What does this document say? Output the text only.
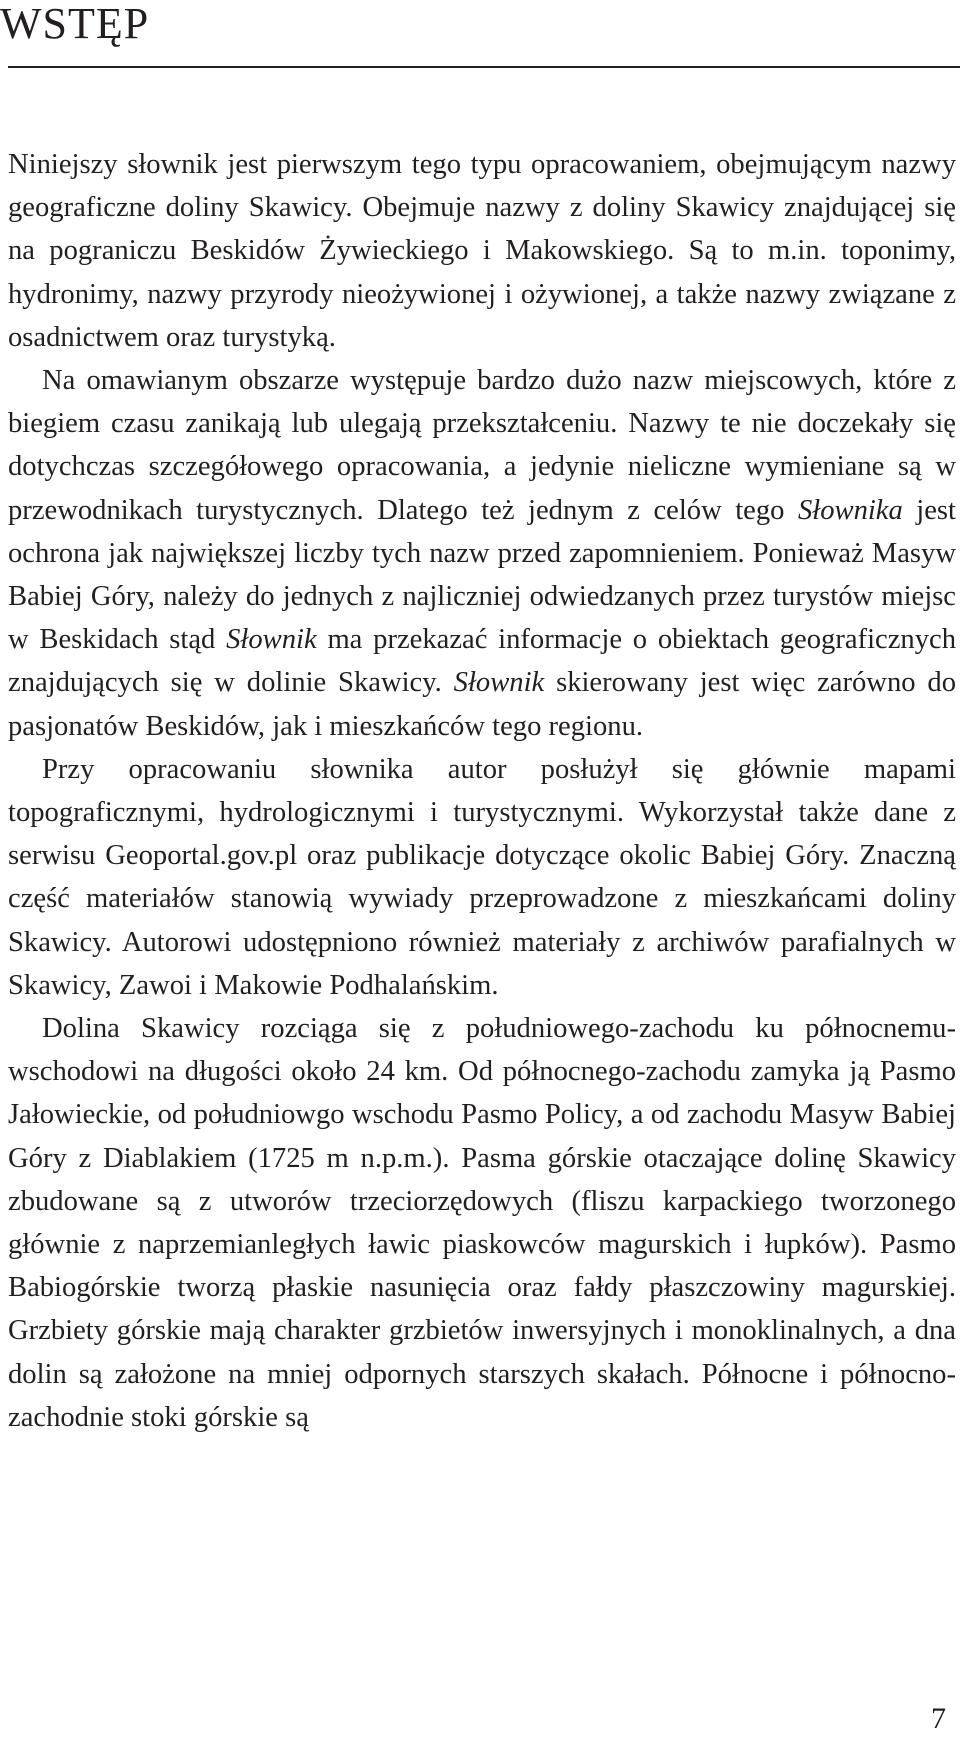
WSTĘP

Niniejszy słownik jest pierwszym tego typu opracowaniem, obejmującym nazwy geograficzne doliny Skawicy. Obejmuje nazwy z doliny Skawicy znajdującej się na pograniczu Beskidów Żywieckiego i Makowskiego. Są to m.in. toponimy, hydronimy, nazwy przyrody nieożywionej i ożywionej, a także nazwy związane z osadnictwem oraz turystyką.

Na omawianym obszarze występuje bardzo dużo nazw miejscowych, które z biegiem czasu zanikają lub ulegają przekształceniu. Nazwy te nie doczekały się dotychczas szczegółowego opracowania, a jedynie nieliczne wymieniane są w przewodnikach turystycznych. Dlatego też jednym z celów tego Słownika jest ochrona jak największej liczby tych nazw przed zapomnieniem. Ponieważ Masyw Babiej Góry, należy do jednych z najliczniej odwiedzanych przez turystów miejsc w Beskidach stąd Słownik ma przekazać informacje o obiektach geograficznych znajdujących się w dolinie Skawicy. Słownik skierowany jest więc zarówno do pasjonatów Beskidów, jak i mieszkańców tego regionu.

Przy opracowaniu słownika autor posłużył się głównie mapami topograficznymi, hydrologicznymi i turystycznymi. Wykorzystał także dane z serwisu Geoportal.gov.pl oraz publikacje dotyczące okolic Babiej Góry. Znaczną część materiałów stanowią wywiady przeprowadzone z mieszkańcami doliny Skawicy. Autorowi udostępniono również materiały z archiwów parafialnych w Skawicy, Zawoi i Makowie Podhalańskim.

Dolina Skawicy rozciąga się z południowego-zachodu ku północnemu-wschodowi na długości około 24 km. Od północnego-zachodu zamyka ją Pasmo Jałowieckie, od południowgo wschodu Pasmo Policy, a od zachodu Masyw Babiej Góry z Diablakiem (1725 m n.p.m.). Pasma górskie otaczające dolinę Skawicy zbudowane są z utworów trzeciorzędowych (fliszu karpackiego tworzonego głównie z naprzemianległych ławic piaskowców magurskich i łupków). Pasmo Babiogórskie tworzą płaskie nasunięcia oraz fałdy płaszczowiny magurskiej. Grzbiety górskie mają charakter grzbietów inwersyjnych i monoklinalnych, a dna dolin są założone na mniej odpornych starszych skałach. Północne i północno-zachodnie stoki górskie są

7
